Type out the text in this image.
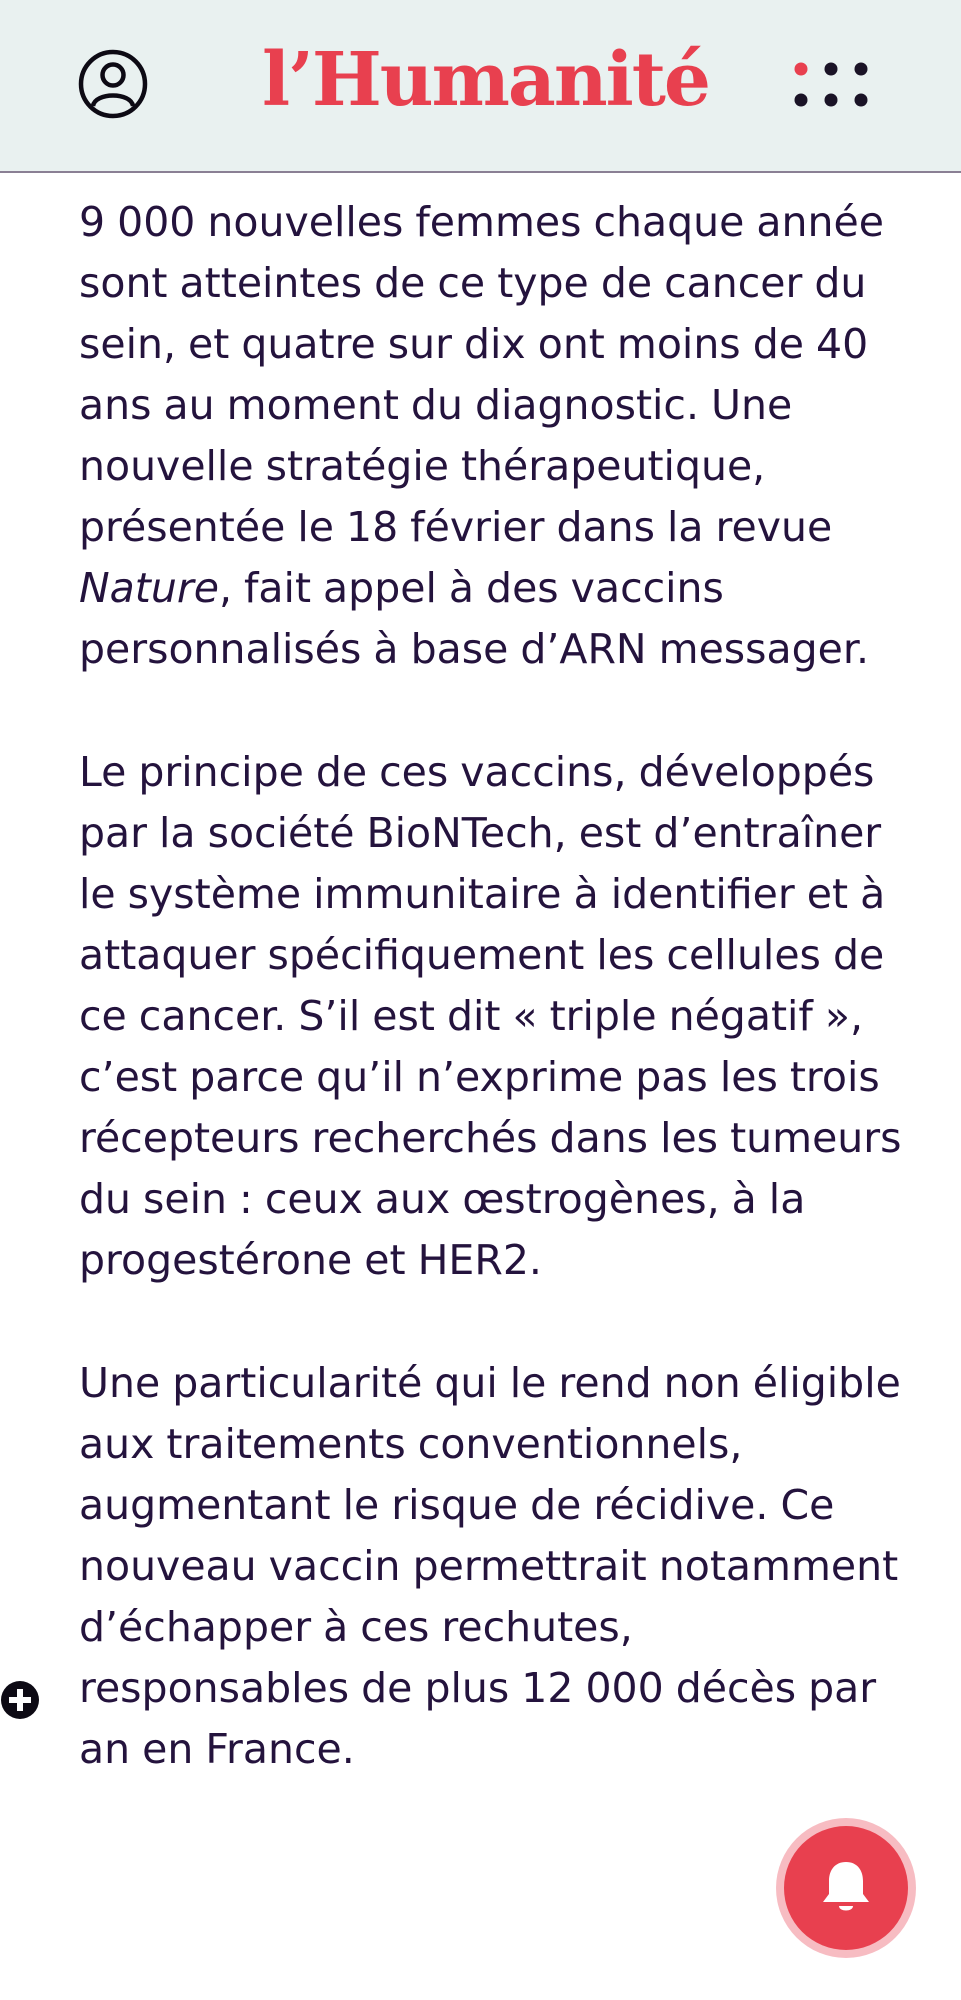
l’Humanité

9 000 nouvelles femmes chaque année sont atteintes de ce type de cancer du sein, et quatre sur dix ont moins de 40 ans au moment du diagnostic. Une nouvelle stratégie thérapeutique, présentée le 18 février dans la revue Nature, fait appel à des vaccins personnalisés à base d’ARN messager.

Le principe de ces vaccins, développés par la société BioNTech, est d’entraîner le système immunitaire à identifier et à attaquer spécifiquement les cellules de ce cancer. S’il est dit « triple négatif », c’est parce qu’il n’exprime pas les trois récepteurs recherchés dans les tumeurs du sein : ceux aux œstrogènes, à la progestérone et HER2.

Une particularité qui le rend non éligible aux traitements conventionnels, augmentant le risque de récidive. Ce nouveau vaccin permettrait notamment d’échapper à ces rechutes, responsables de plus 12 000 décès par an en France.
